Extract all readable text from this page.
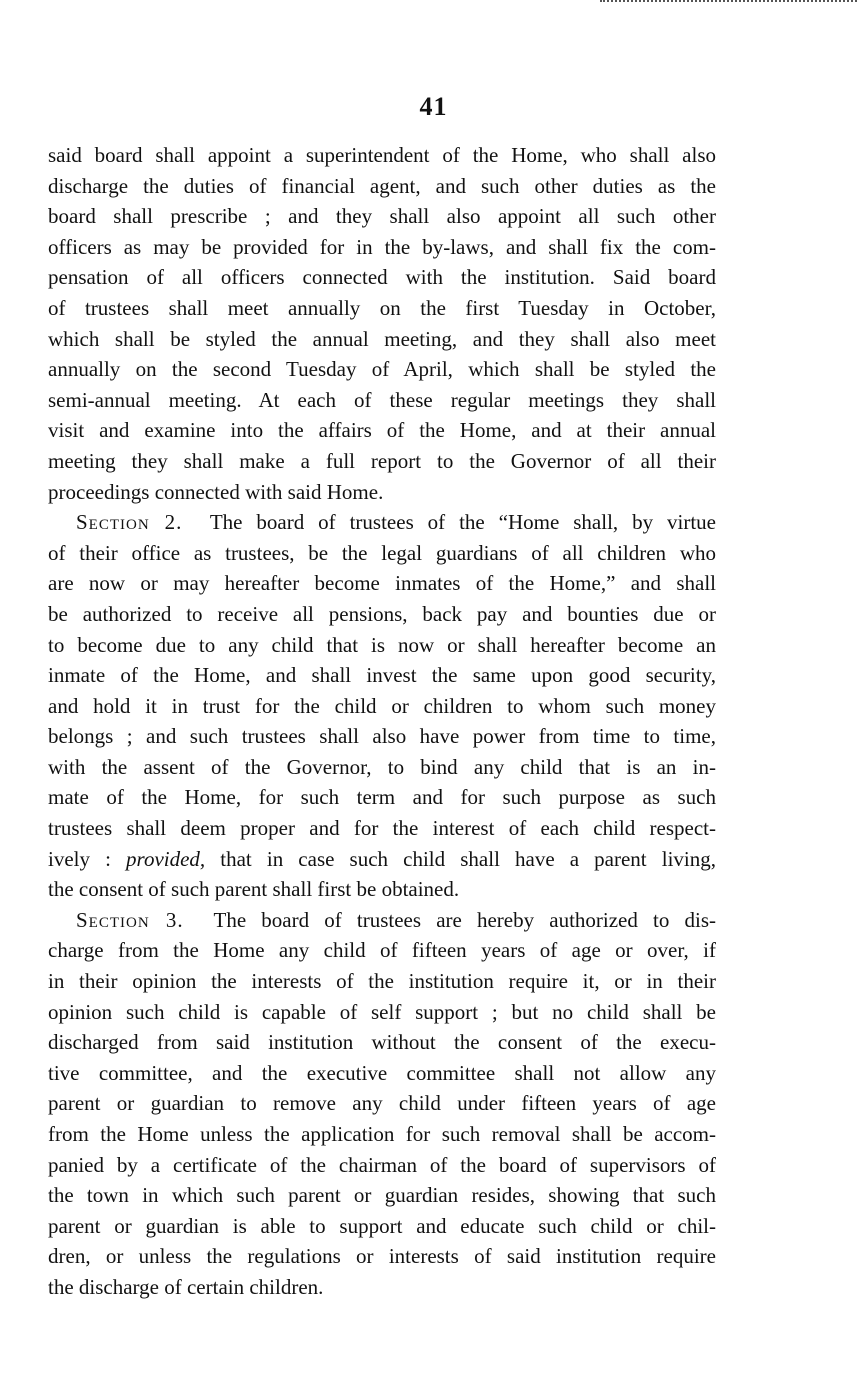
41
said board shall appoint a superintendent of the Home, who shall also
discharge the duties of financial agent, and such other duties as the
board shall prescribe ; and they shall also appoint all such other
officers as may be provided for in the by-laws, and shall fix the com-
pensation of all officers connected with the institution. Said board
of trustees shall meet annually on the first Tuesday in October,
which shall be styled the annual meeting, and they shall also meet
annually on the second Tuesday of April, which shall be styled the
semi-annual meeting. At each of these regular meetings they shall
visit and examine into the affairs of the Home, and at their annual
meeting they shall make a full report to the Governor of all their
proceedings connected with said Home.
Section 2. The board of trustees of the “Home shall, by virtue
of their office as trustees, be the legal guardians of all children who
are now or may hereafter become inmates of the Home,” and shall
be authorized to receive all pensions, back pay and bounties due or
to become due to any child that is now or shall hereafter become an
inmate of the Home, and shall invest the same upon good security,
and hold it in trust for the child or children to whom such money
belongs ; and such trustees shall also have power from time to time,
with the assent of the Governor, to bind any child that is an in-
mate of the Home, for such term and for such purpose as such
trustees shall deem proper and for the interest of each child respect-
ively : provided, that in case such child shall have a parent living,
the consent of such parent shall first be obtained.
Section 3. The board of trustees are hereby authorized to dis-
charge from the Home any child of fifteen years of age or over, if
in their opinion the interests of the institution require it, or in their
opinion such child is capable of self support ; but no child shall be
discharged from said institution without the consent of the execu-
tive committee, and the executive committee shall not allow any
parent or guardian to remove any child under fifteen years of age
from the Home unless the application for such removal shall be accom-
panied by a certificate of the chairman of the board of supervisors of
the town in which such parent or guardian resides, showing that such
parent or guardian is able to support and educate such child or chil-
dren, or unless the regulations or interests of said institution require
the discharge of certain children.
